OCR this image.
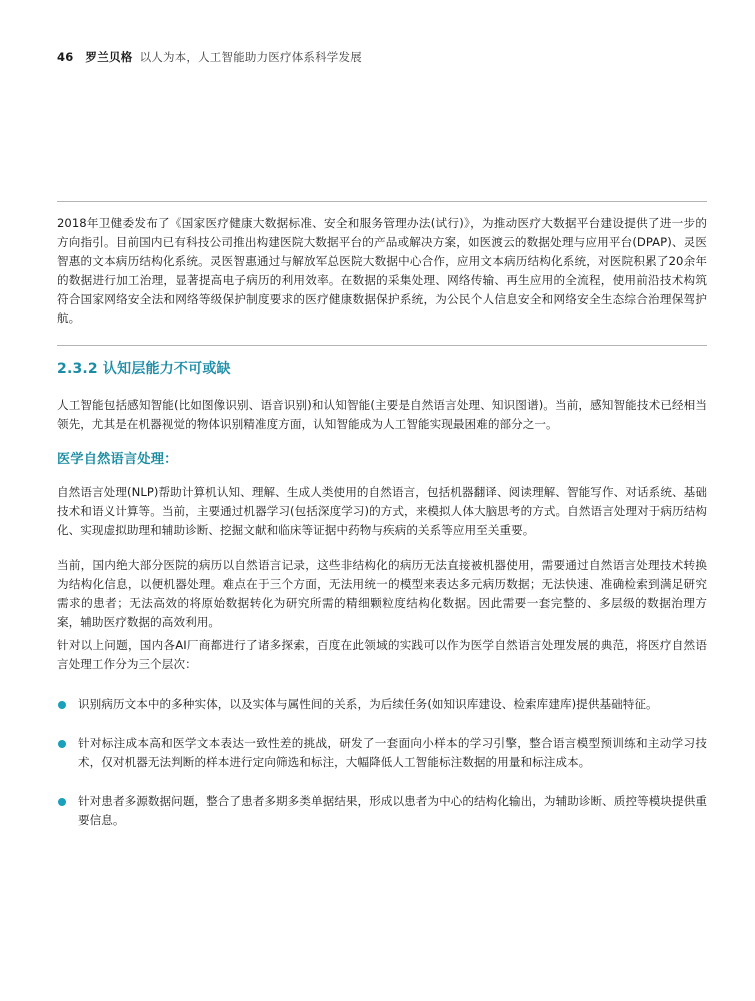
46 罗兰贝格 以人为本，人工智能助力医疗体系科学发展
2018年卫健委发布了《国家医疗健康大数据标准、安全和服务管理办法(试行)》，为推动医疗大数据平台建设提供了进一步的方向指引。目前国内已有科技公司推出构建医院大数据平台的产品或解决方案，如医渡云的数据处理与应用平台(DPAP)、灵医智惠的文本病历结构化系统。灵医智惠通过与解放军总医院大数据中心合作，应用文本病历结构化系统，对医院积累了20余年的数据进行加工治理，显著提高电子病历的利用效率。在数据的采集处理、网络传输、再生应用的全流程，使用前沿技术构筑符合国家网络安全法和网络等级保护制度要求的医疗健康数据保护系统，为公民个人信息安全和网络安全生态综合治理保驾护航。
2.3.2 认知层能力不可或缺
人工智能包括感知智能(比如图像识别、语音识别)和认知智能(主要是自然语言处理、知识图谱)。当前，感知智能技术已经相当领先，尤其是在机器视觉的物体识别精准度方面，认知智能成为人工智能实现最困难的部分之一。
医学自然语言处理：
自然语言处理(NLP)帮助计算机认知、理解、生成人类使用的自然语言，包括机器翻译、阅读理解、智能写作、对话系统、基础技术和语义计算等。当前，主要通过机器学习(包括深度学习)的方式，来模拟人体大脑思考的方式。自然语言处理对于病历结构化、实现虚拟助理和辅助诊断、挖掘文献和临床等证据中药物与疾病的关系等应用至关重要。
当前，国内绝大部分医院的病历以自然语言记录，这些非结构化的病历无法直接被机器使用，需要通过自然语言处理技术转换为结构化信息，以便机器处理。难点在于三个方面，无法用统一的模型来表达多元病历数据；无法快速、准确检索到满足研究需求的患者；无法高效的将原始数据转化为研究所需的精细颗粒度结构化数据。因此需要一套完整的、多层级的数据治理方案，辅助医疗数据的高效利用。
针对以上问题，国内各AI厂商都进行了诸多探索，百度在此领域的实践可以作为医学自然语言处理发展的典范，将医疗自然语言处理工作分为三个层次：
识别病历文本中的多种实体，以及实体与属性间的关系，为后续任务(如知识库建设、检索库建库)提供基础特征。
针对标注成本高和医学文本表达一致性差的挑战，研发了一套面向小样本的学习引擎，整合语言模型预训练和主动学习技术，仅对机器无法判断的样本进行定向筛选和标注，大幅降低人工智能标注数据的用量和标注成本。
针对患者多源数据问题，整合了患者多期多类单据结果，形成以患者为中心的结构化输出，为辅助诊断、质控等模块提供重要信息。
